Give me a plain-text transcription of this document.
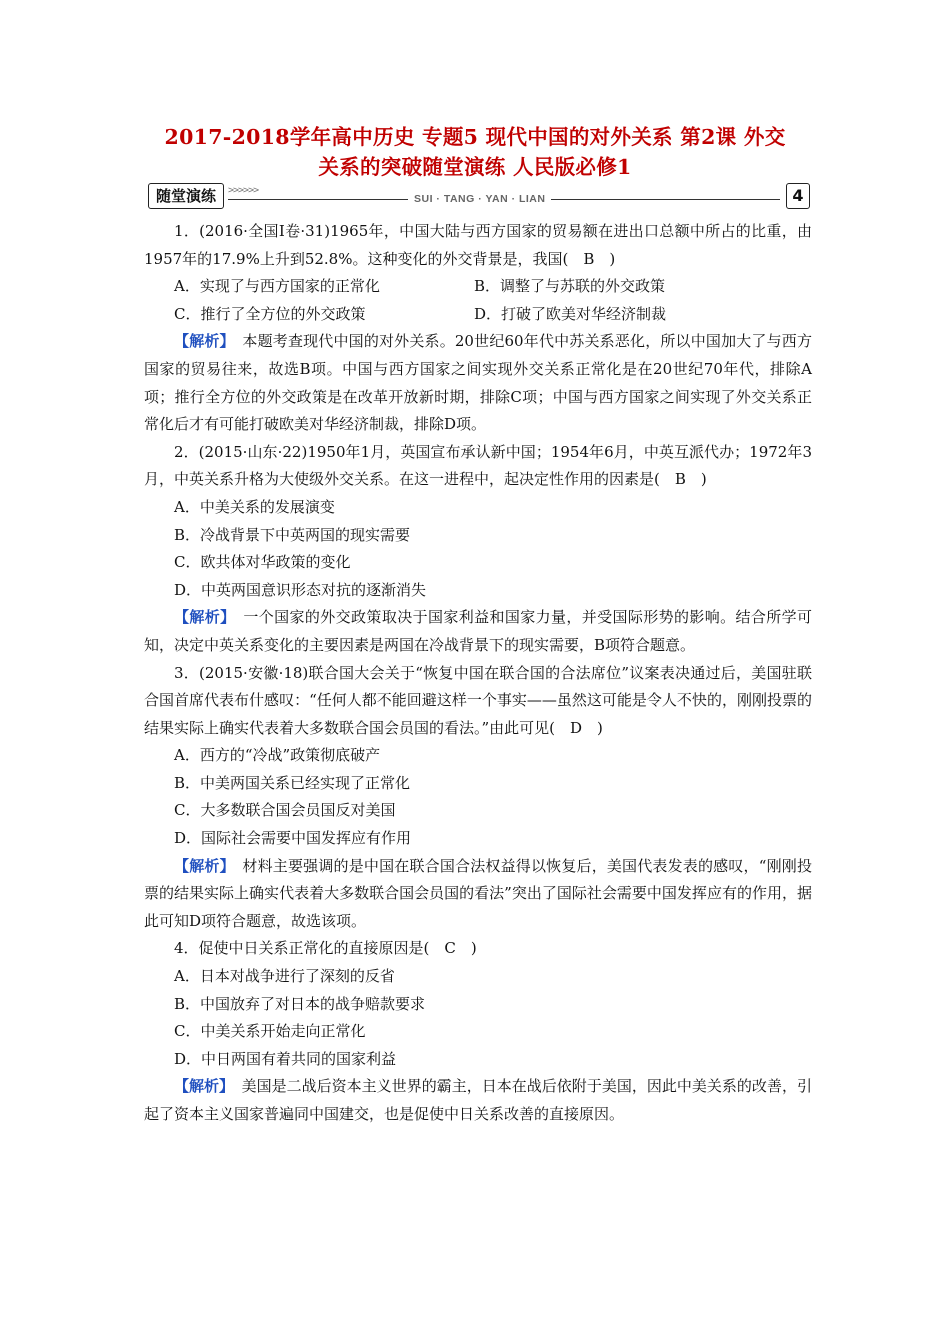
2017-2018学年高中历史 专题5 现代中国的对外关系 第2课 外交
关系的突破随堂演练 人民版必修1
随堂演练	>>>>>>
SUI · TANG · YAN · LIAN	4

1．(2016·全国Ⅰ卷·31)1965年，中国大陆与西方国家的贸易额在进出口总额中所占的比重，由1957年的17.9%上升到52.8%。这种变化的外交背景是，我国(　B　)

A．实现了与西方国家的正常化	B．调整了与苏联的外交政策
C．推行了全方位的外交政策	D．打破了欧美对华经济制裁

【 解析 】　本题考查现代中国的对外关系。20世纪60年代中苏关系恶化，所以中国加大了与西方国家的贸易往来，故选B项。中国与西方国家之间实现外交关系正常化是在20世纪70年代，排除A项；推行全方位的外交政策是在改革开放新时期，排除C项；中国与西方国家之间实现了外交关系正常化后才有可能打破欧美对华经济制裁，排除D项。

2．(2015·山东·22)1950年1月，英国宣布承认新中国；1954年6月，中英互派代办；1972年3月，中英关系升格为大使级外交关系。在这一进程中，起决定性作用的因素是(　B　)

A．中美关系的发展演变

B．冷战背景下中英两国的现实需要

C．欧共体对华政策的变化

D．中英两国意识形态对抗的逐渐消失

【 解析 】　一个国家的外交政策取决于国家利益和国家力量，并受国际形势的影响。结合所学可知，决定中英关系变化的主要因素是两国在冷战背景下的现实需要，B项符合题意。

3．(2015·安徽·18)联合国大会关于“恢复中国在联合国的合法席位”议案表决通过后，美国驻联合国首席代表布什感叹：“任何人都不能回避这样一个事实——虽然这可能是令人不快的，刚刚投票的结果实际上确实代表着大多数联合国会员国的看法。”由此可见(　D　)

A．西方的“冷战”政策彻底破产

B．中美两国关系已经实现了正常化

C．大多数联合国会员国反对美国

D．国际社会需要中国发挥应有作用

【 解析 】　材料主要强调的是中国在联合国合法权益得以恢复后，美国代表发表的感叹，“刚刚投票的结果实际上确实代表着大多数联合国会员国的看法”突出了国际社会需要中国发挥应有的作用，据此可知D项符合题意，故选该项。

4．促使中日关系正常化的直接原因是(　C　)

A．日本对战争进行了深刻的反省

B．中国放弃了对日本的战争赔款要求

C．中美关系开始走向正常化

D．中日两国有着共同的国家利益

【 解析 】　美国是二战后资本主义世界的霸主，日本在战后依附于美国，因此中美关系的改善，引起了资本主义国家普遍同中国建交，也是促使中日关系改善的直接原因。
